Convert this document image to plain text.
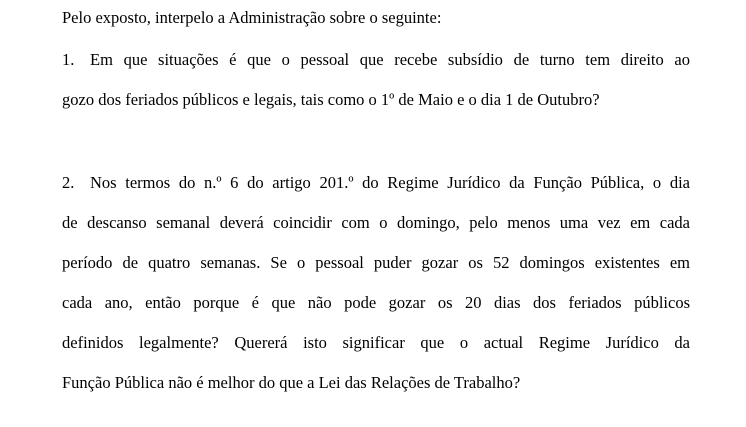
Pelo exposto, interpelo a Administração sobre o seguinte:
1. Em que situações é que o pessoal que recebe subsídio de turno tem direito ao
gozo dos feriados públicos e legais, tais como o 1º de Maio e o dia 1 de Outubro?
2. Nos termos do n.º 6 do artigo 201.º do Regime Jurídico da Função Pública, o dia
de descanso semanal deverá coincidir com o domingo, pelo menos uma vez em cada
período de quatro semanas. Se o pessoal puder gozar os 52 domingos existentes em
cada ano, então porque é que não pode gozar os 20 dias dos feriados públicos
definidos legalmente? Quererá isto significar que o actual Regime Jurídico da
Função Pública não é melhor do que a Lei das Relações de Trabalho?
